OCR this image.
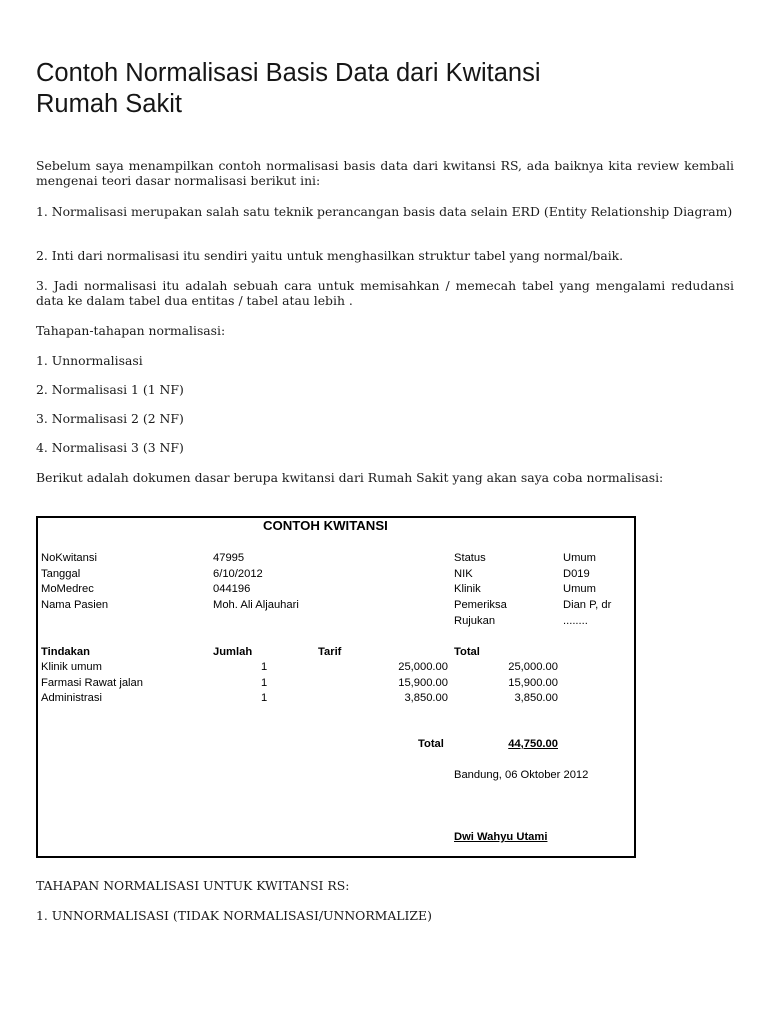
Contoh Normalisasi Basis Data dari Kwitansi
Rumah Sakit

Sebelum saya menampilkan contoh normalisasi basis data dari kwitansi RS, ada baiknya kita review kembali mengenai teori dasar normalisasi berikut ini:

1. Normalisasi merupakan salah satu teknik perancangan basis data selain ERD (Entity Relationship Diagram)

2. Inti dari normalisasi itu sendiri yaitu untuk menghasilkan struktur tabel yang normal/baik.

3. Jadi normalisasi itu adalah sebuah cara untuk memisahkan / memecah tabel yang mengalami redudansi data ke dalam tabel dua entitas / tabel atau lebih .

Tahapan-tahapan normalisasi:

1. Unnormalisasi

2. Normalisasi 1 (1 NF)

3. Normalisasi 2 (2 NF)

4. Normalisasi 3 (3 NF)

Berikut adalah dokumen dasar berupa kwitansi dari Rumah Sakit yang akan saya coba normalisasi:

CONTOH KWITANSI
NoKwitansi	47995
Tanggal	6/10/2012
MoMedrec	044196
Nama Pasien	Moh. Ali Aljauhari
Status	Umum
NIK	D019
Klinik	Umum
Pemeriksa	Dian P, dr
Rujukan	........
Tindakan	Jumlah	Tarif	Total
Klinik umum	1	25,000.00	25,000.00
Farmasi Rawat jalan	1	15,900.00	15,900.00
Administrasi	1	3,850.00	3,850.00
Total	44,750.00
Bandung, 06 Oktober 2012
Dwi Wahyu Utami

TAHAPAN NORMALISASI UNTUK KWITANSI RS:

1. UNNORMALISASI (TIDAK NORMALISASI/UNNORMALIZE)
